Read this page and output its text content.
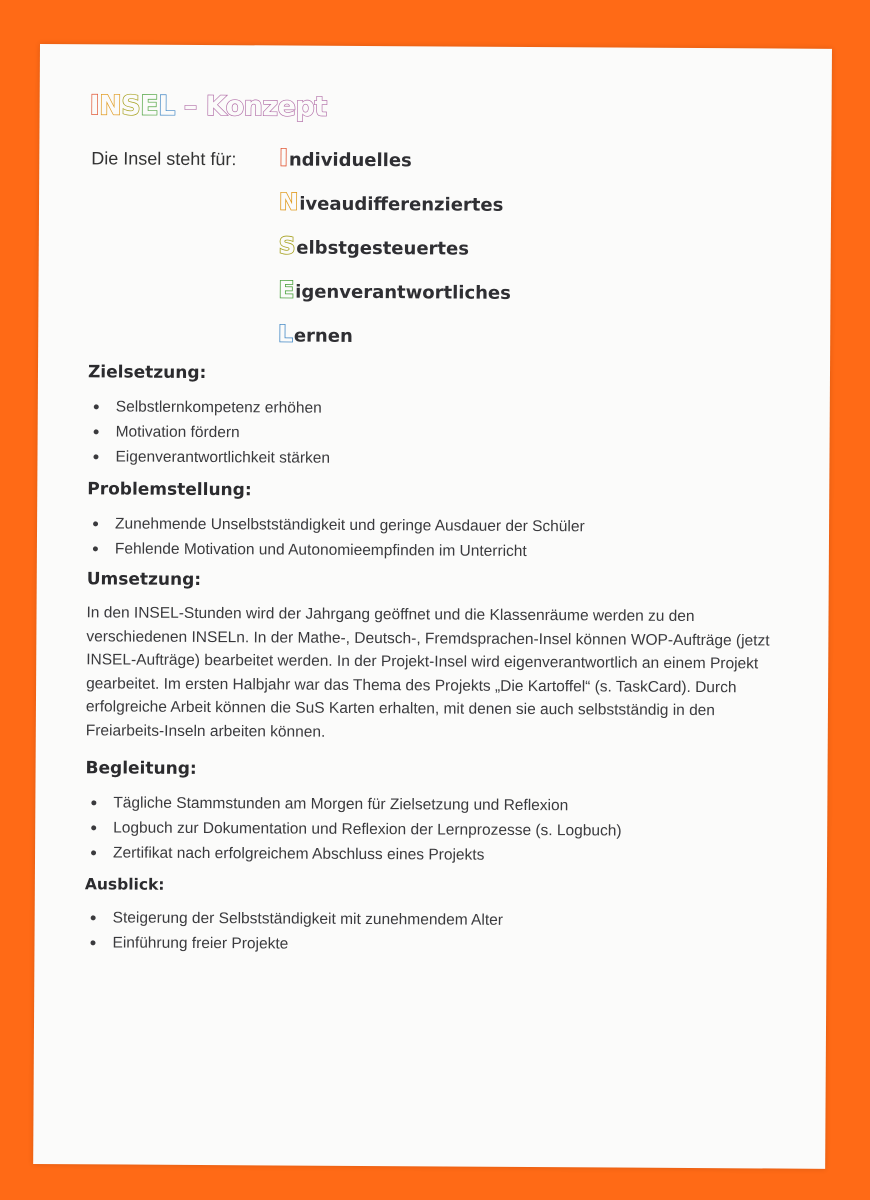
INSEL – Konzept
Die Insel steht für: Individuelles
Niveaudifferenziertes
Selbstgesteuertes
Eigenverantwortliches
Lernen
Zielsetzung:
Selbstlernkompetenz erhöhen
Motivation fördern
Eigenverantwortlichkeit stärken
Problemstellung:
Zunehmende Unselbstständigkeit und geringe Ausdauer der Schüler
Fehlende Motivation und Autonomieempfinden im Unterricht
Umsetzung:

In den INSEL-Stunden wird der Jahrgang geöffnet und die Klassenräume werden zu den verschiedenen INSELn. In der Mathe-, Deutsch-, Fremdsprachen-Insel können WOP-Aufträge (jetzt INSEL-Aufträge) bearbeitet werden. In der Projekt-Insel wird eigenverantwortlich an einem Projekt gearbeitet. Im ersten Halbjahr war das Thema des Projekts „Die Kartoffel“ (s. TaskCard). Durch erfolgreiche Arbeit können die SuS Karten erhalten, mit denen sie auch selbstständig in den Freiarbeits-Inseln arbeiten können.

Begleitung:
Tägliche Stammstunden am Morgen für Zielsetzung und Reflexion
Logbuch zur Dokumentation und Reflexion der Lernprozesse (s. Logbuch)
Zertifikat nach erfolgreichem Abschluss eines Projekts
Ausblick:
Steigerung der Selbstständigkeit mit zunehmendem Alter
Einführung freier Projekte
